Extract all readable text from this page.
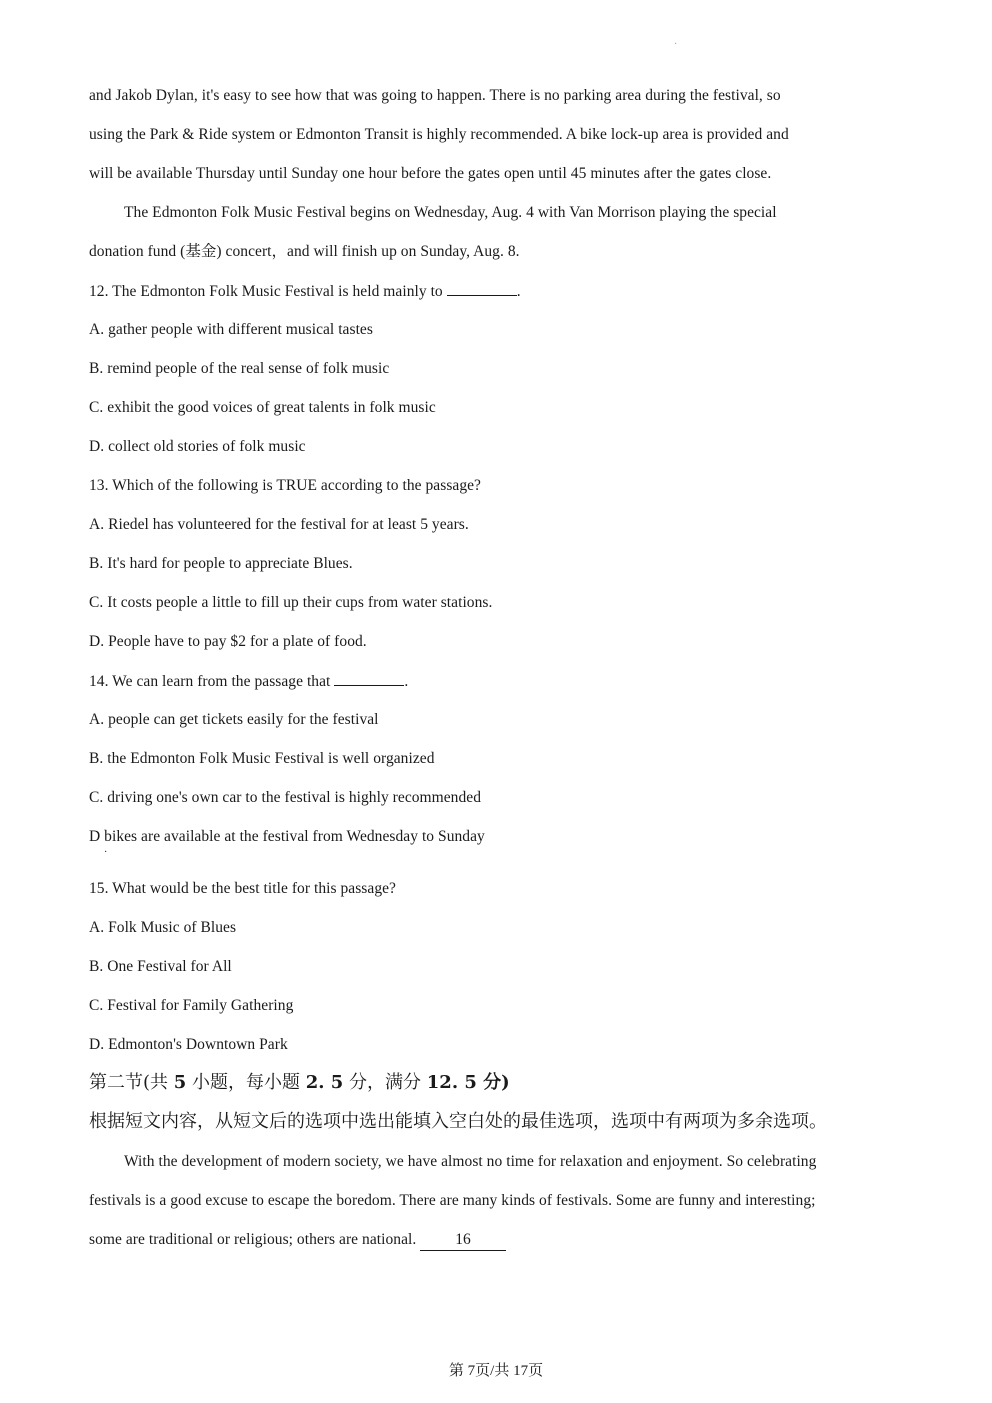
·
and Jakob Dylan, it's easy to see how that was going to happen. There is no parking area during the festival, so
using the Park & Ride system or Edmonton Transit is highly recommended. A bike lock-up area is provided and
will be available Thursday until Sunday one hour before the gates open until 45 minutes after the gates close.
The Edmonton Folk Music Festival begins on Wednesday, Aug. 4 with Van Morrison playing the special
donation fund (基金) concert，and will finish up on Sunday, Aug. 8.
12. The Edmonton Folk Music Festival is held mainly to	.
A. gather people with different musical tastes
B. remind people of the real sense of folk music
C. exhibit the good voices of great talents in folk music
D. collect old stories of folk music
13. Which of the following is TRUE according to the passage?
A. Riedel has volunteered for the festival for at least 5 years.
B. It's hard for people to appreciate Blues.
C. It costs people a little to fill up their cups from water stations.
D. People have to pay $2 for a plate of food.
14. We can learn from the passage that	.
A. people can get tickets easily for the festival
B. the Edmonton Folk Music Festival is well organized
C. driving one's own car to the festival is highly recommended
D bikes are available at the festival from Wednesday to Sunday
·
15. What would be the best title for this passage?
A. Folk Music of Blues
B. One Festival for All
C. Festival for Family Gathering
D. Edmonton's Downtown Park
第二节(共 5 小题，每小题 2. 5 分，满分 12. 5 分)
根据短文内容，从短文后的选项中选出能填入空白处的最佳选项，选项中有两项为多余选项。
With the development of modern society, we have almost no time for relaxation and enjoyment. So celebrating
festivals is a good excuse to escape the boredom. There are many kinds of festivals. Some are funny and interesting;
some are traditional or religious; others are national.	16
第 7页/共 17页
